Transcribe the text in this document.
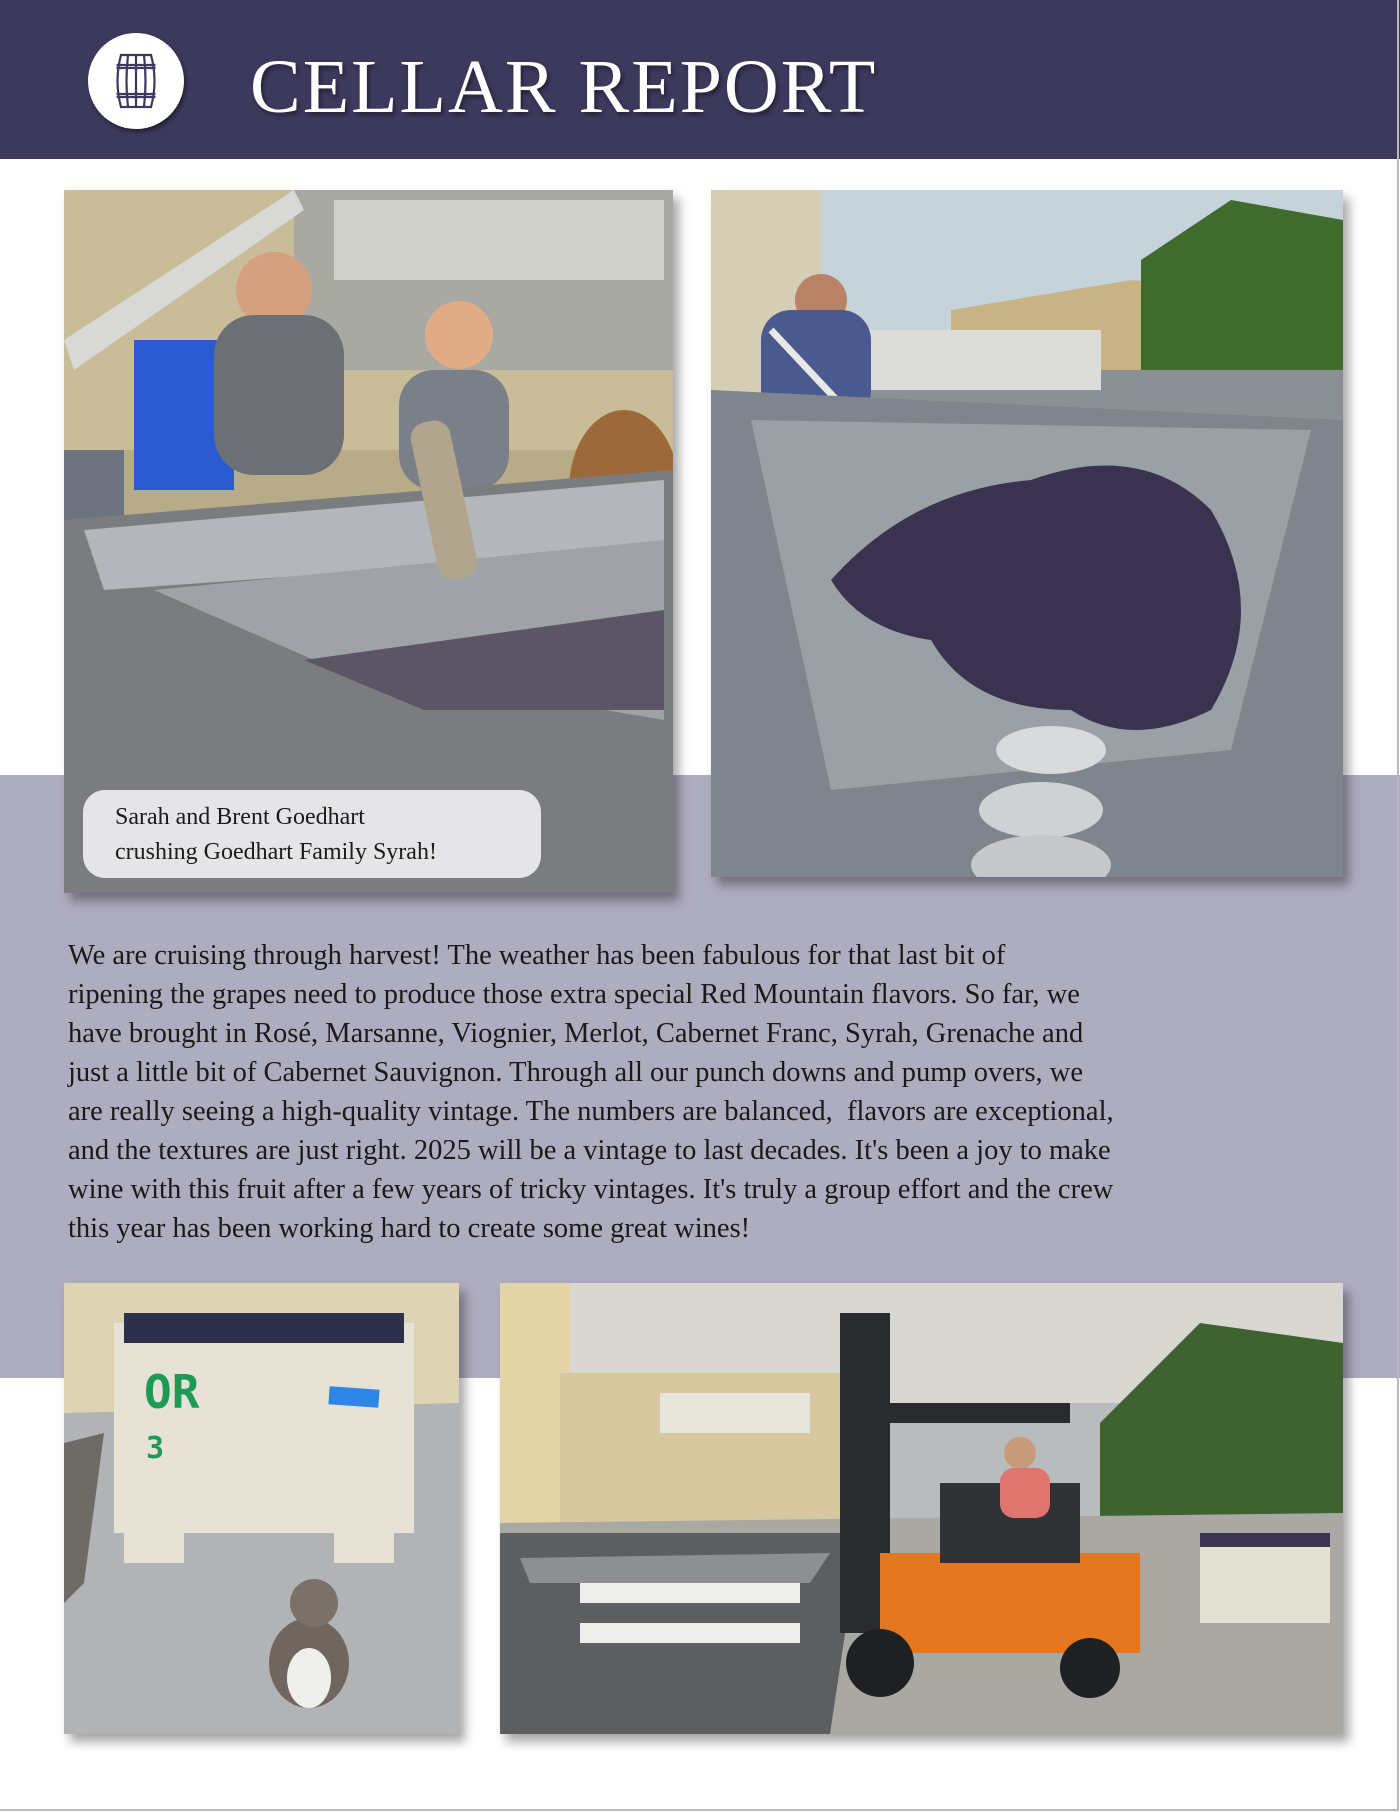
CELLAR REPORT
Sarah and Brent Goedhart
crushing Goedhart Family Syrah!
We are cruising through harvest! The weather has been fabulous for that last bit of
ripening the grapes need to produce those extra special Red Mountain flavors. So far, we
have brought in Rosé, Marsanne, Viognier, Merlot, Cabernet Franc, Syrah, Grenache and
just a little bit of Cabernet Sauvignon. Through all our punch downs and pump overs, we
are really seeing a high-quality vintage. The numbers are balanced,  flavors are exceptional,
and the textures are just right. 2025 will be a vintage to last decades. It's been a joy to make
wine with this fruit after a few years of tricky vintages. It's truly a group effort and the crew
this year has been working hard to create some great wines!
OR
3
